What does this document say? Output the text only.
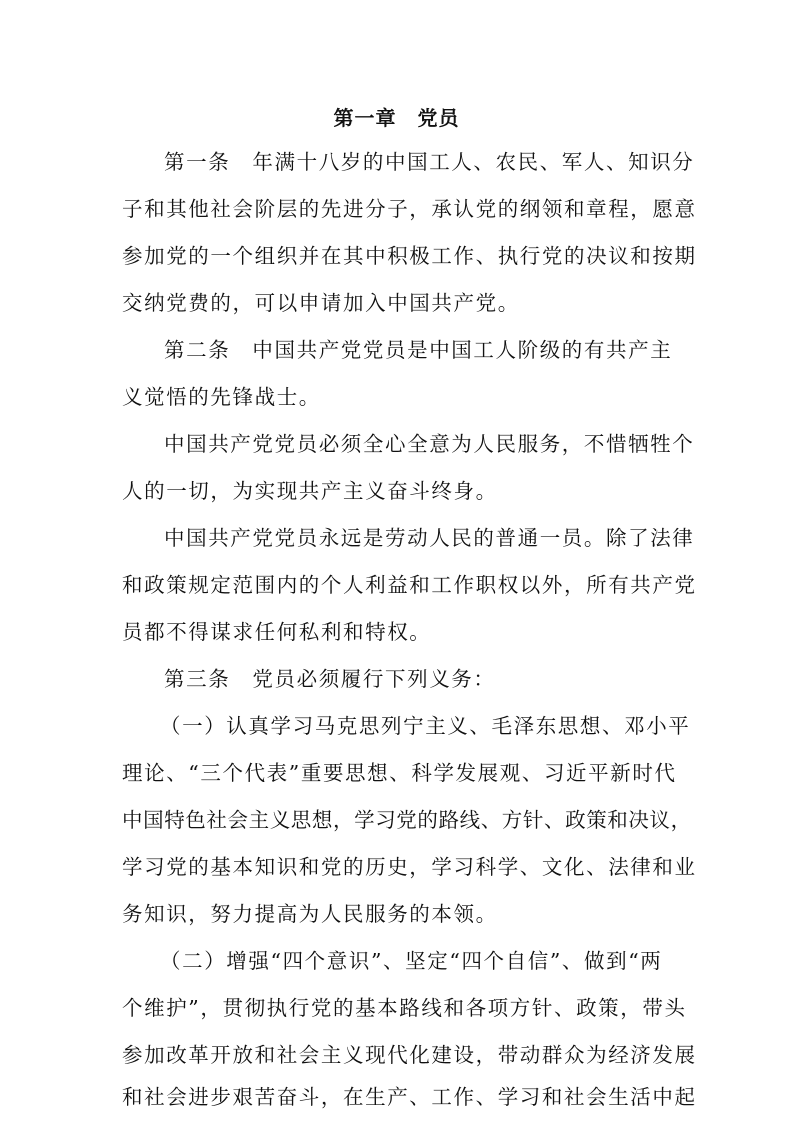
第一章　党员
第一条　年满十八岁的中国工人、农民、军人、知识分
子和其他社会阶层的先进分子，承认党的纲领和章程，愿意
参加党的一个组织并在其中积极工作、执行党的决议和按期
交纳党费的，可以申请加入中国共产党。
第二条　中国共产党党员是中国工人阶级的有共产主
义觉悟的先锋战士。
中国共产党党员必须全心全意为人民服务，不惜牺牲个
人的一切，为实现共产主义奋斗终身。
中国共产党党员永远是劳动人民的普通一员。除了法律
和政策规定范围内的个人利益和工作职权以外，所有共产党
员都不得谋求任何私利和特权。
第三条　党员必须履行下列义务：
（一）认真学习马克思列宁主义、毛泽东思想、邓小平
理论、“三个代表”重要思想、科学发展观、习近平新时代
中国特色社会主义思想，学习党的路线、方针、政策和决议，
学习党的基本知识和党的历史，学习科学、文化、法律和业
务知识，努力提高为人民服务的本领。
（二）增强“四个意识”、坚定“四个自信”、做到“两
个维护”，贯彻执行党的基本路线和各项方针、政策，带头
参加改革开放和社会主义现代化建设，带动群众为经济发展
和社会进步艰苦奋斗，在生产、工作、学习和社会生活中起
